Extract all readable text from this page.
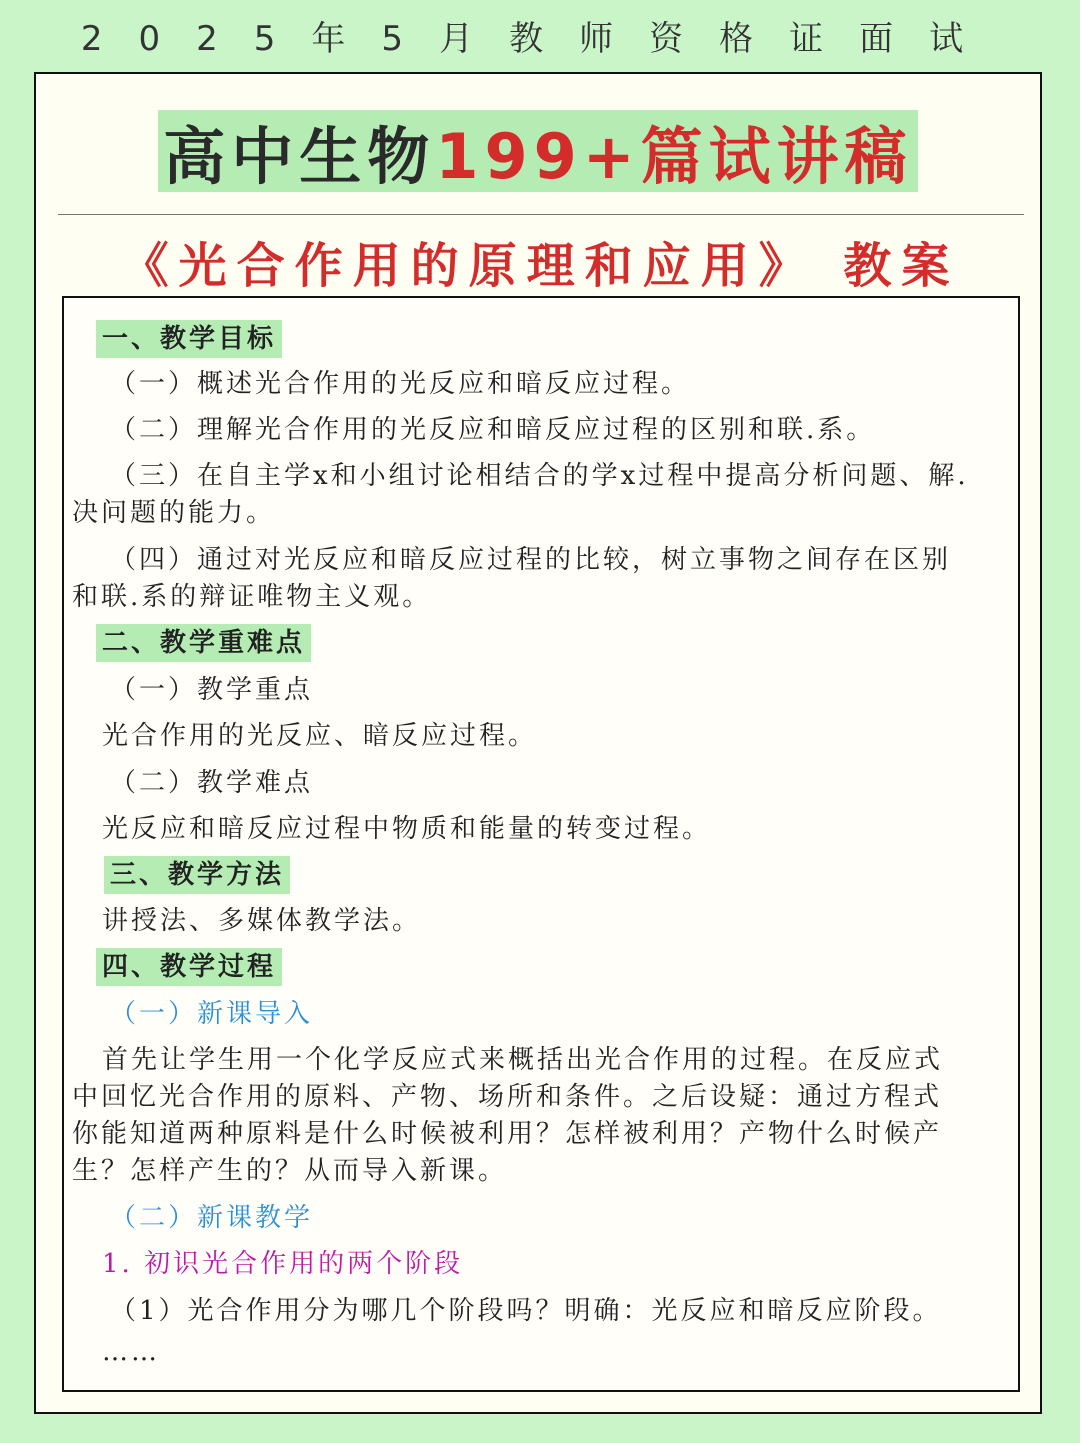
2025年5月教师资格证面试
高中生物 199+篇试讲稿
《光合作用的原理和应用》 教案
一、教学目标
（一）概述光合作用的光反应和暗反应过程。
（二）理解光合作用的光反应和暗反应过程的区别和联.系。
（三）在自主学x和小组讨论相结合的学x过程中提高分析问题、解.
决问题的能力。
（四）通过对光反应和暗反应过程的比较，树立事物之间存在区别
和联.系的辩证唯物主义观。
二、教学重难点
（一）教学重点
光合作用的光反应、暗反应过程。
（二）教学难点
光反应和暗反应过程中物质和能量的转变过程。
三、教学方法
讲授法、多媒体教学法。
四、教学过程
（一）新课导入
首先让学生用一个化学反应式来概括出光合作用的过程。在反应式
中回忆光合作用的原料、产物、场所和条件。之后设疑：通过方程式
你能知道两种原料是什么时候被利用？怎样被利用？产物什么时候产
生？怎样产生的？从而导入新课。
（二）新课教学
1. 初识光合作用的两个阶段
（1）光合作用分为哪几个阶段吗？明确：光反应和暗反应阶段。
……
